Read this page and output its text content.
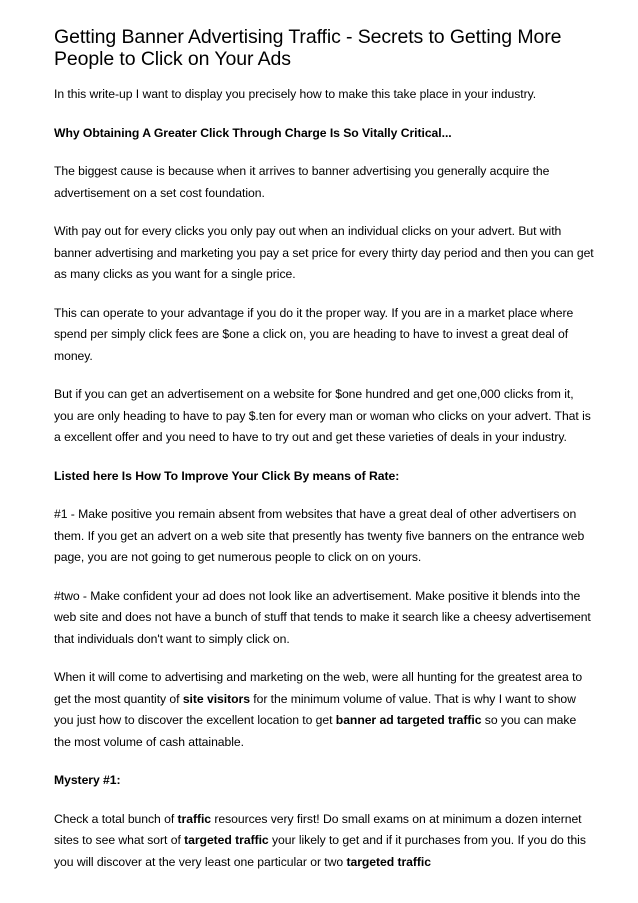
Getting Banner Advertising Traffic - Secrets to Getting More People to Click on Your Ads

In this write-up I want to display you precisely how to make this take place in your industry.

Why Obtaining A Greater Click Through Charge Is So Vitally Critical...

The biggest cause is because when it arrives to banner advertising you generally acquire the advertisement on a set cost foundation.

With pay out for every clicks you only pay out when an individual clicks on your advert. But with banner advertising and marketing you pay a set price for every thirty day period and then you can get as many clicks as you want for a single price.

This can operate to your advantage if you do it the proper way. If you are in a market place where spend per simply click fees are $one a click on, you are heading to have to invest a great deal of money.

But if you can get an advertisement on a website for $one hundred and get one,000 clicks from it, you are only heading to have to pay $.ten for every man or woman who clicks on your advert. That is a excellent offer and you need to have to try out and get these varieties of deals in your industry.

Listed here Is How To Improve Your Click By means of Rate:

#1 - Make positive you remain absent from websites that have a great deal of other advertisers on them. If you get an advert on a web site that presently has twenty five banners on the entrance web page, you are not going to get numerous people to click on on yours.

#two - Make confident your ad does not look like an advertisement. Make positive it blends into the web site and does not have a bunch of stuff that tends to make it search like a cheesy advertisement that individuals don't want to simply click on.

When it will come to advertising and marketing on the web, were all hunting for the greatest area to get the most quantity of site visitors for the minimum volume of value. That is why I want to show you just how to discover the excellent location to get banner ad targeted traffic so you can make the most volume of cash attainable.

Mystery #1:

Check a total bunch of traffic resources very first! Do small exams on at minimum a dozen internet sites to see what sort of targeted traffic your likely to get and if it purchases from you. If you do this you will discover at the very least one particular or two targeted traffic
